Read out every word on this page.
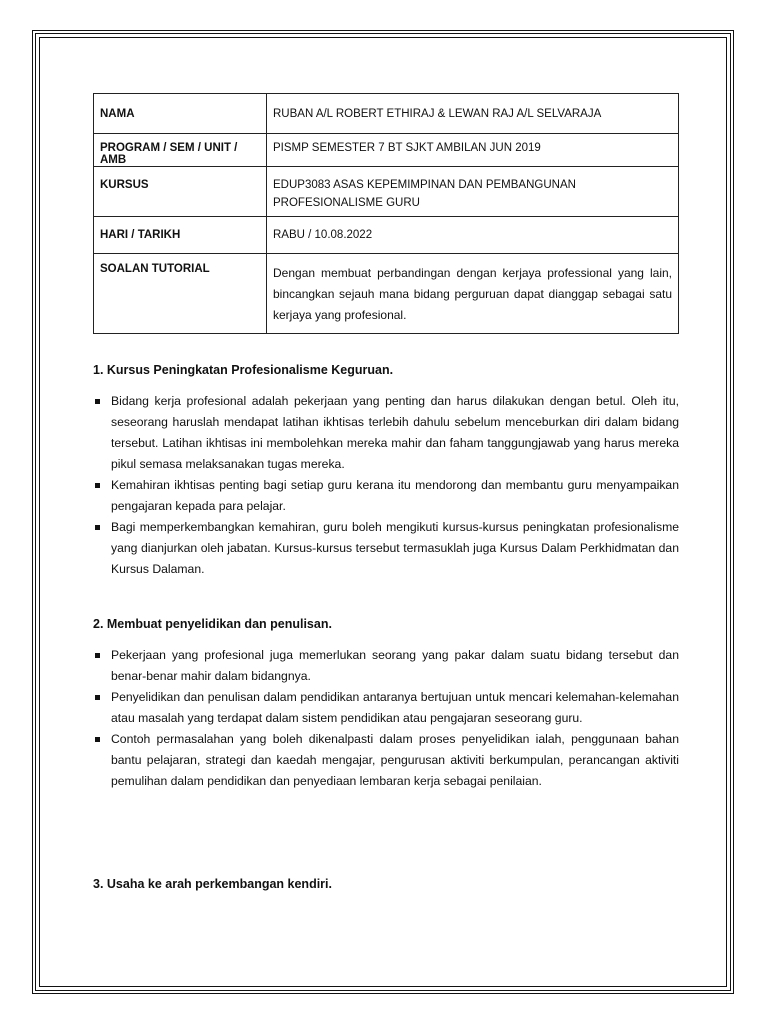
NAMA	RUBAN A/L ROBERT ETHIRAJ & LEWAN RAJ A/L SELVARAJA
PROGRAM / SEM / UNIT / AMB	PISMP SEMESTER 7 BT SJKT AMBILAN JUN 2019
KURSUS	EDUP3083 ASAS KEPEMIMPINAN DAN PEMBANGUNAN PROFESIONALISME GURU
HARI / TARIKH	RABU / 10.08.2022
SOALAN TUTORIAL	Dengan membuat perbandingan dengan kerjaya professional yang lain, bincangkan sejauh mana bidang perguruan dapat dianggap sebagai satu kerjaya yang profesional.
1. Kursus Peningkatan Profesionalisme Keguruan.
Bidang kerja profesional adalah pekerjaan yang penting dan harus dilakukan dengan betul. Oleh itu, seseorang haruslah mendapat latihan ikhtisas terlebih dahulu sebelum menceburkan diri dalam bidang tersebut. Latihan ikhtisas ini membolehkan mereka mahir dan faham tanggungjawab yang harus mereka pikul semasa melaksanakan tugas mereka.
Kemahiran ikhtisas penting bagi setiap guru kerana itu mendorong dan membantu guru menyampaikan pengajaran kepada para pelajar.
Bagi memperkembangkan kemahiran, guru boleh mengikuti kursus-kursus peningkatan profesionalisme yang dianjurkan oleh jabatan. Kursus-kursus tersebut termasuklah juga Kursus Dalam Perkhidmatan dan Kursus Dalaman.
2. Membuat penyelidikan dan penulisan.
Pekerjaan yang profesional juga memerlukan seorang yang pakar dalam suatu bidang tersebut dan benar-benar mahir dalam bidangnya.
Penyelidikan dan penulisan dalam pendidikan antaranya bertujuan untuk mencari kelemahan-kelemahan atau masalah yang terdapat dalam sistem pendidikan atau pengajaran seseorang guru.
Contoh permasalahan yang boleh dikenalpasti dalam proses penyelidikan ialah, penggunaan bahan bantu pelajaran, strategi dan kaedah mengajar, pengurusan aktiviti berkumpulan, perancangan aktiviti pemulihan dalam pendidikan dan penyediaan lembaran kerja sebagai penilaian.
3. Usaha ke arah perkembangan kendiri.
